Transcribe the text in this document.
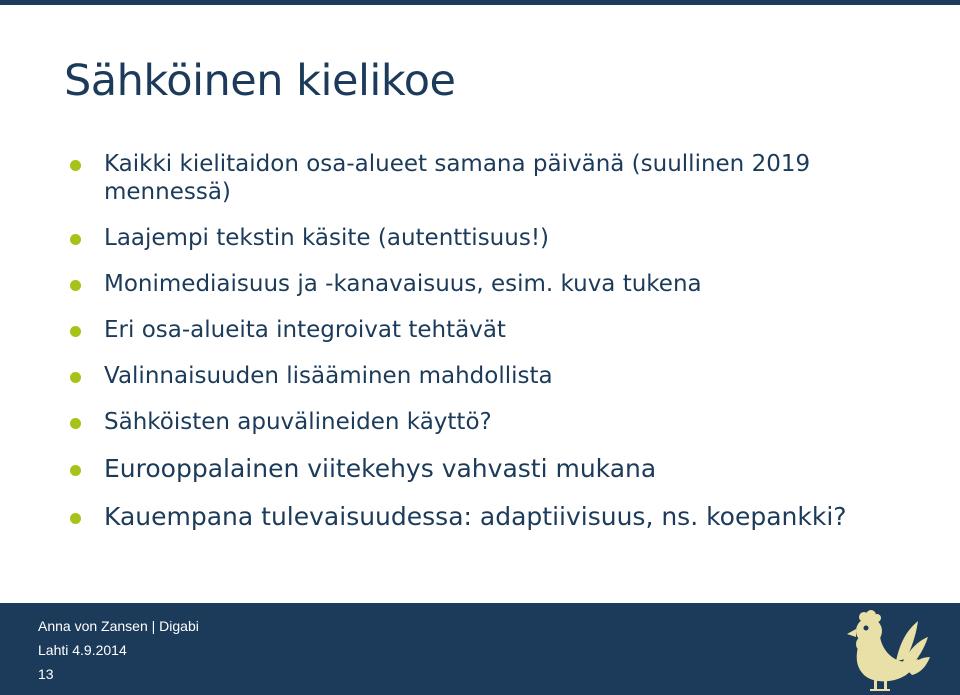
Sähköinen kielikoe
Kaikki kielitaidon osa-alueet samana päivänä (suullinen 2019 mennessä)
Laajempi tekstin käsite (autenttisuus!)
Monimediaisuus ja -kanavaisuus, esim. kuva tukena
Eri osa-alueita integroivat tehtävät
Valinnaisuuden lisääminen mahdollista
Sähköisten apuvälineiden käyttö?
Eurooppalainen viitekehys vahvasti mukana
Kauempana tulevaisuudessa: adaptiivisuus, ns. koepankki?
Anna von Zansen | Digabi
Lahti 4.9.2014
13
